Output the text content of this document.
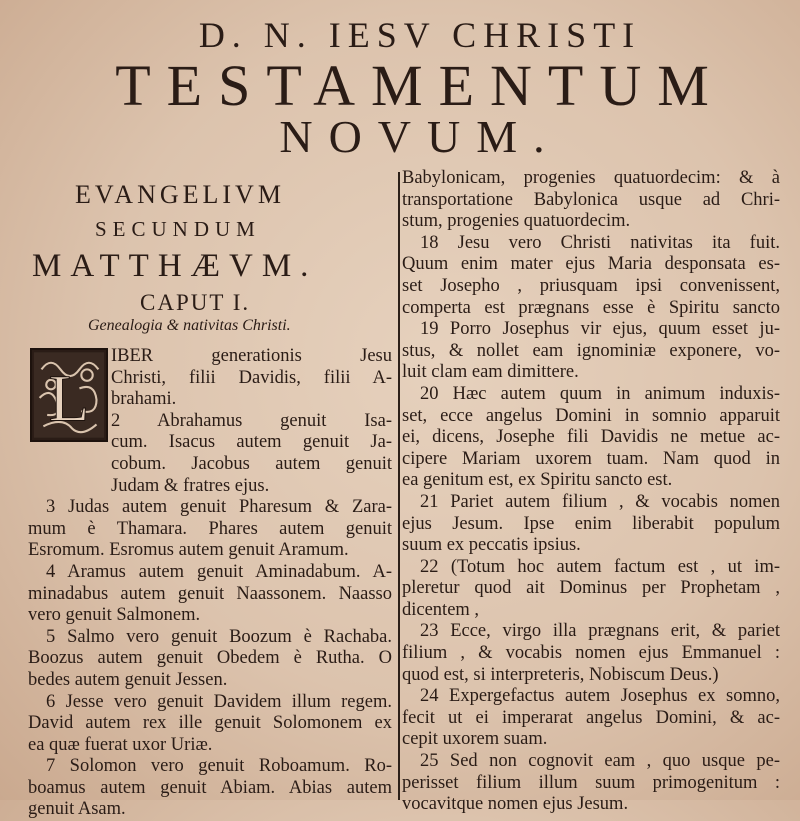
D. N. IESV CHRISTI
TESTAMENTUM
NOVUM.
EVANGELIVM
SECUNDUM
MATTHÆVM.
CAPUT I.
Genealogia & nativitas Christi.
L
IBER generationis Jesu
Christi, filii Davidis, filii A-
brahami.
2 Abrahamus genuit Isa-
cum. Isacus autem genuit Ja-
cobum. Jacobus autem genuit
Judam & fratres ejus.
3 Judas autem genuit Pharesum & Zara-
mum è Thamara. Phares autem genuit
Esromum. Esromus autem genuit Aramum.
4 Aramus autem genuit Aminadabum. A-
minadabus autem genuit Naassonem. Naasso
vero genuit Salmonem.
5 Salmo vero genuit Boozum è Rachaba.
Boozus autem genuit Obedem è Rutha. O
bedes autem genuit Jessen.
6 Jesse vero genuit Davidem illum regem.
David autem rex ille genuit Solomonem ex
ea quæ fuerat uxor Uriæ.
7 Solomon vero genuit Roboamum. Ro-
boamus autem genuit Abiam. Abias autem
genuit Asam.
Babylonicam, progenies quatuordecim: & à
transportatione Babylonica usque ad Chri-
stum, progenies quatuordecim.
18 Jesu vero Christi nativitas ita fuit.
Quum enim mater ejus Maria desponsata es-
set Josepho , priusquam ipsi convenissent,
comperta est prægnans esse è Spiritu sancto
19 Porro Josephus vir ejus, quum esset ju-
stus, & nollet eam ignominiæ exponere, vo-
luit clam eam dimittere.
20 Hæc autem quum in animum induxis-
set, ecce angelus Domini in somnio apparuit
ei, dicens, Josephe fili Davidis ne metue ac-
cipere Mariam uxorem tuam. Nam quod in
ea genitum est, ex Spiritu sancto est.
21 Pariet autem filium , & vocabis nomen
ejus Jesum. Ipse enim liberabit populum
suum ex peccatis ipsius.
22 (Totum hoc autem factum est , ut im-
pleretur quod ait Dominus per Prophetam ,
dicentem ,
23 Ecce, virgo illa prægnans erit, & pariet
filium , & vocabis nomen ejus Emmanuel :
quod est, si interpreteris, Nobiscum Deus.)
24 Expergefactus autem Josephus ex somno,
fecit ut ei imperarat angelus Domini, & ac-
cepit uxorem suam.
25 Sed non cognovit eam , quo usque pe-
perisset filium illum suum primogenitum :
vocavitque nomen ejus Jesum.
